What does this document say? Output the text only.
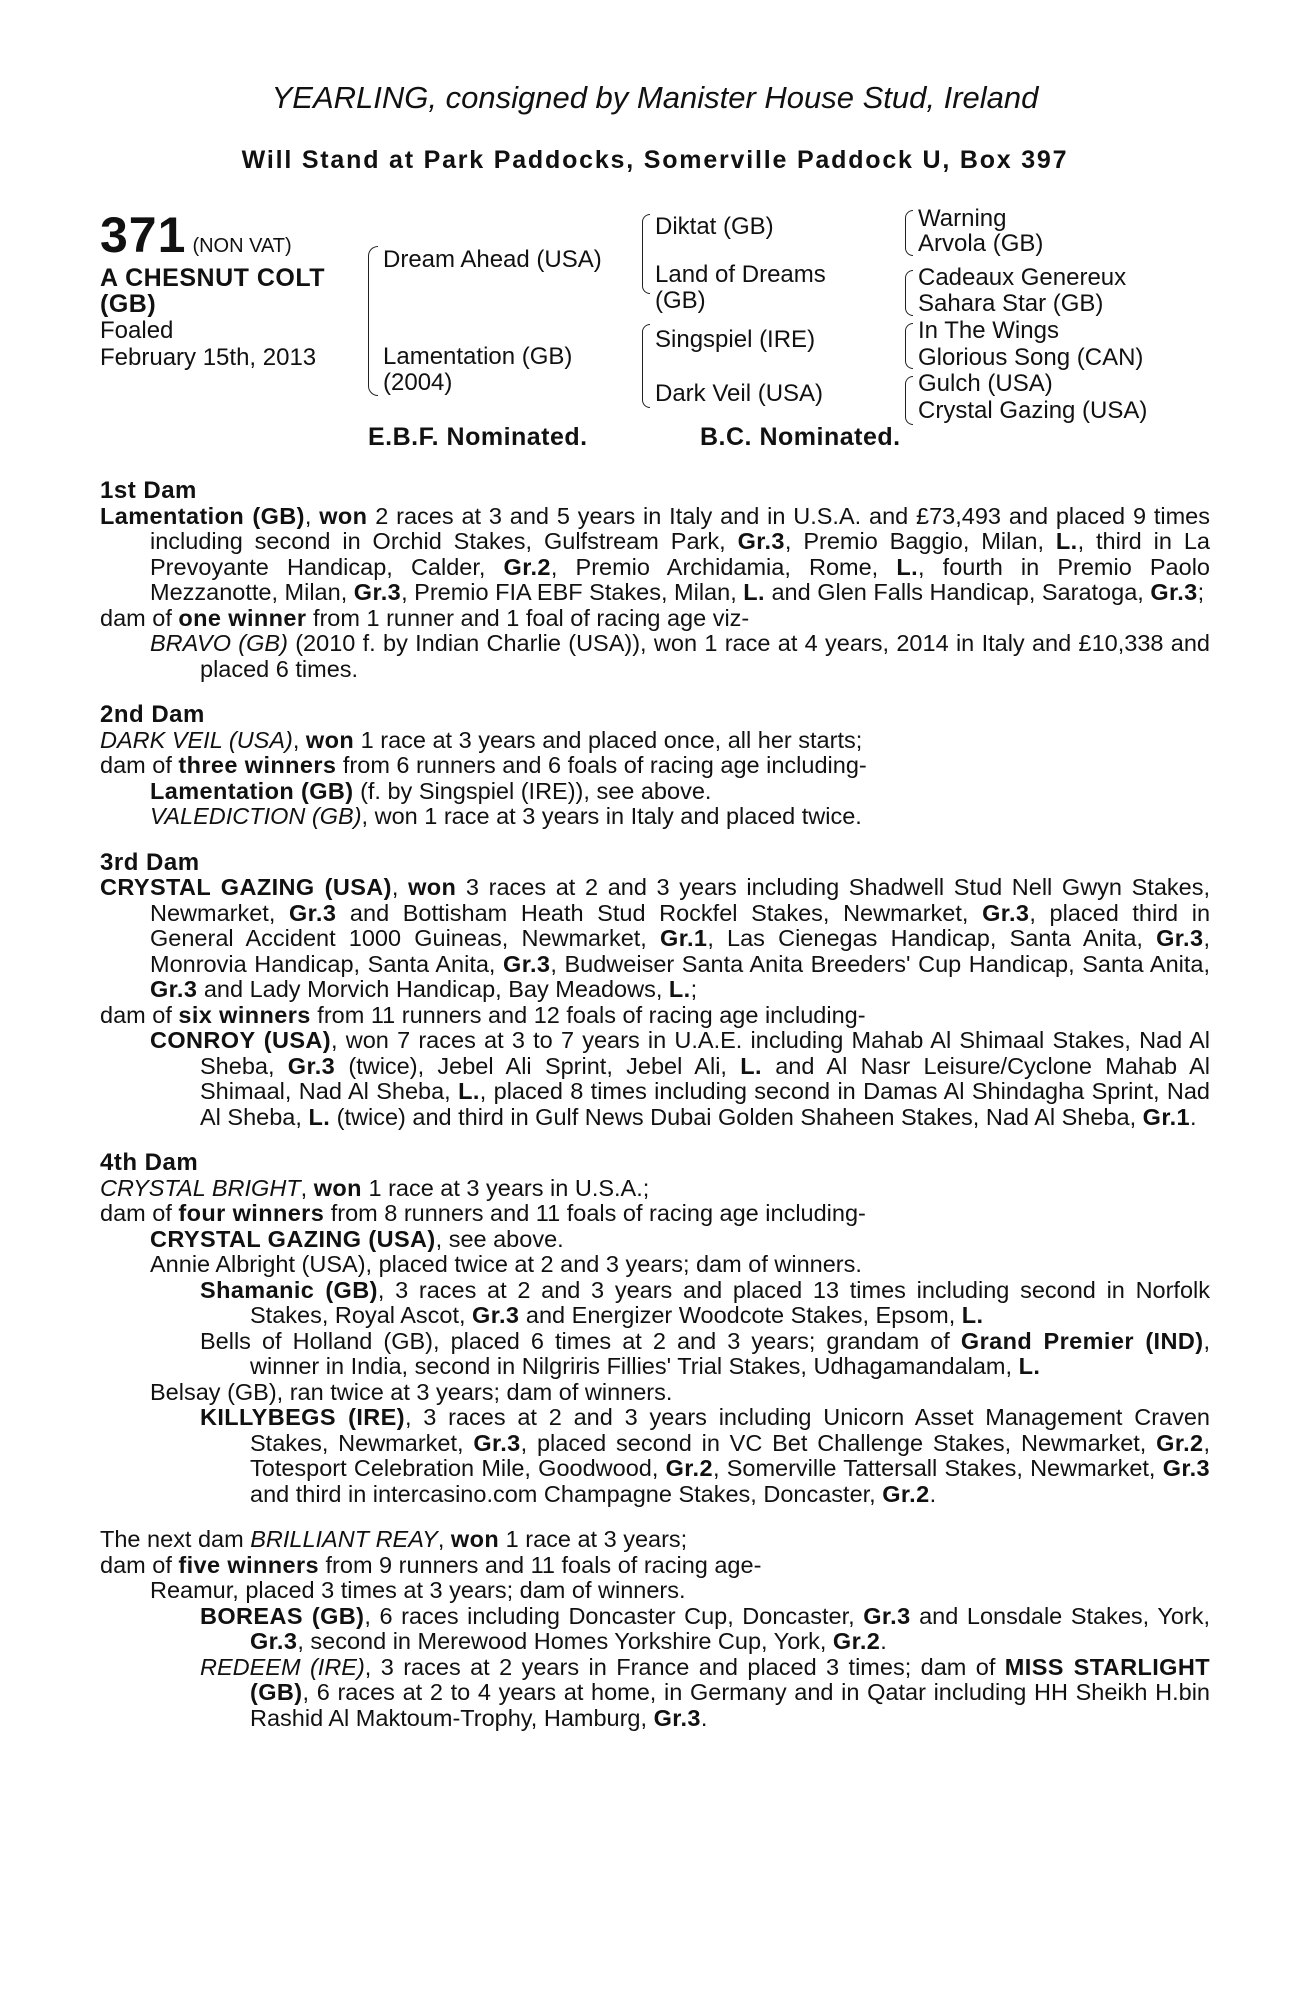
YEARLING, consigned by Manister House Stud, Ireland
Will Stand at Park Paddocks, Somerville Paddock U, Box 397
371 (NON VAT)
A CHESNUT COLT
(GB)
Foaled
February 15th, 2013
Dream Ahead (USA)
Lamentation (GB)
(2004)
Diktat (GB)
Land of Dreams
(GB)
Singspiel (IRE)
Dark Veil (USA)
Warning
Arvola (GB)
Cadeaux Genereux
Sahara Star (GB)
In The Wings
Glorious Song (CAN)
Gulch (USA)
Crystal Gazing (USA)
E.B.F. Nominated.	B.C. Nominated.
1st Dam

Lamentation (GB), won 2 races at 3 and 5 years in Italy and in U.S.A. and £73,493 and placed 9 times including second in Orchid Stakes, Gulfstream Park, Gr.3, Premio Baggio, Milan, L., third in La Prevoyante Handicap, Calder, Gr.2, Premio Archidamia, Rome, L., fourth in Premio Paolo Mezzanotte, Milan, Gr.3, Premio FIA EBF Stakes, Milan, L. and Glen Falls Handicap, Saratoga, Gr.3;

dam of one winner from 1 runner and 1 foal of racing age viz-

BRAVO (GB) (2010 f. by Indian Charlie (USA)), won 1 race at 4 years, 2014 in Italy and £10,338 and placed 6 times.

2nd Dam

DARK VEIL (USA), won 1 race at 3 years and placed once, all her starts;

dam of three winners from 6 runners and 6 foals of racing age including-

Lamentation (GB) (f. by Singspiel (IRE)), see above.

VALEDICTION (GB), won 1 race at 3 years in Italy and placed twice.

3rd Dam

CRYSTAL GAZING (USA), won 3 races at 2 and 3 years including Shadwell Stud Nell Gwyn Stakes, Newmarket, Gr.3 and Bottisham Heath Stud Rockfel Stakes, Newmarket, Gr.3, placed third in General Accident 1000 Guineas, Newmarket, Gr.1, Las Cienegas Handicap, Santa Anita, Gr.3, Monrovia Handicap, Santa Anita, Gr.3, Budweiser Santa Anita Breeders' Cup Handicap, Santa Anita, Gr.3 and Lady Morvich Handicap, Bay Meadows, L.;

dam of six winners from 11 runners and 12 foals of racing age including-

CONROY (USA), won 7 races at 3 to 7 years in U.A.E. including Mahab Al Shimaal Stakes, Nad Al Sheba, Gr.3 (twice), Jebel Ali Sprint, Jebel Ali, L. and Al Nasr Leisure/Cyclone Mahab Al Shimaal, Nad Al Sheba, L., placed 8 times including second in Damas Al Shindagha Sprint, Nad Al Sheba, L. (twice) and third in Gulf News Dubai Golden Shaheen Stakes, Nad Al Sheba, Gr.1.

4th Dam

CRYSTAL BRIGHT, won 1 race at 3 years in U.S.A.;

dam of four winners from 8 runners and 11 foals of racing age including-

CRYSTAL GAZING (USA), see above.

Annie Albright (USA), placed twice at 2 and 3 years; dam of winners.

Shamanic (GB), 3 races at 2 and 3 years and placed 13 times including second in Norfolk Stakes, Royal Ascot, Gr.3 and Energizer Woodcote Stakes, Epsom, L.

Bells of Holland (GB), placed 6 times at 2 and 3 years; grandam of Grand Premier (IND), winner in India, second in Nilgriris Fillies' Trial Stakes, Udhagamandalam, L.

Belsay (GB), ran twice at 3 years; dam of winners.

KILLYBEGS (IRE), 3 races at 2 and 3 years including Unicorn Asset Management Craven Stakes, Newmarket, Gr.3, placed second in VC Bet Challenge Stakes, Newmarket, Gr.2, Totesport Celebration Mile, Goodwood, Gr.2, Somerville Tattersall Stakes, Newmarket, Gr.3 and third in intercasino.com Champagne Stakes, Doncaster, Gr.2.

The next dam BRILLIANT REAY, won 1 race at 3 years;

dam of five winners from 9 runners and 11 foals of racing age-

Reamur, placed 3 times at 3 years; dam of winners.

BOREAS (GB), 6 races including Doncaster Cup, Doncaster, Gr.3 and Lonsdale Stakes, York, Gr.3, second in Merewood Homes Yorkshire Cup, York, Gr.2.

REDEEM (IRE), 3 races at 2 years in France and placed 3 times; dam of MISS STARLIGHT (GB), 6 races at 2 to 4 years at home, in Germany and in Qatar including HH Sheikh H.bin Rashid Al Maktoum-Trophy, Hamburg, Gr.3.
